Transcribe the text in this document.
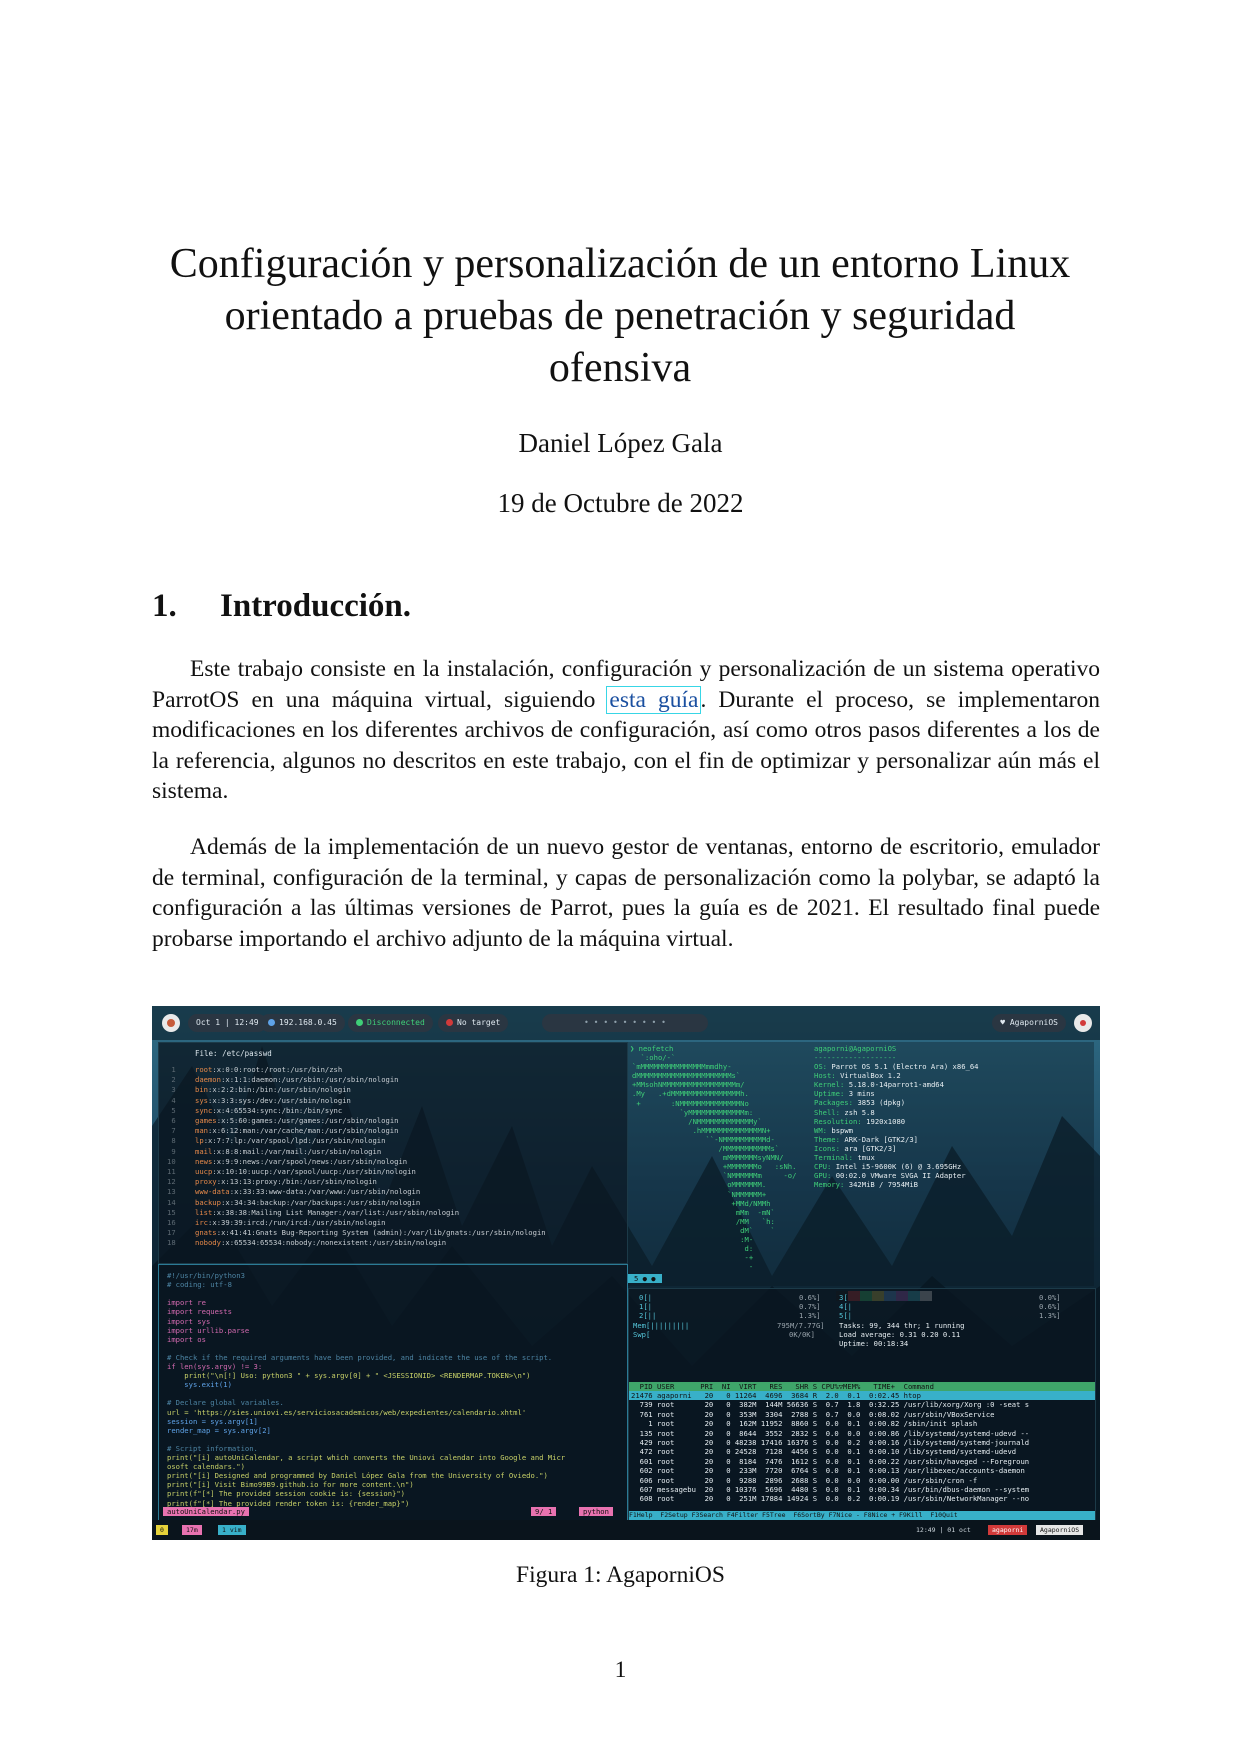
Configuración y personalización de un entorno Linux orientado a pruebas de penetración y seguridad ofensiva
Daniel López Gala
19 de Octubre de 2022
1. Introducción.

Este trabajo consiste en la instalación, configuración y personalización de un sistema operativo ParrotOS en una máquina virtual, siguiendo esta guía. Durante el proceso, se implementaron modificaciones en los diferentes archivos de configuración, así como otros pasos diferentes a los de la referencia, algunos no descritos en este trabajo, con el fin de optimizar y personalizar aún más el sistema.

Además de la implementación de un nuevo gestor de ventanas, entorno de escritorio, emulador de terminal, configuración de la terminal, y capas de personalización como la polybar, se adaptó la configuración a las últimas versiones de Parrot, pues la guía es de 2021. El resultado final puede probarse importando el archivo adjunto de la máquina virtual.

Oct 1 | 12:49	192.168.0.45	Disconnected	No target	• • • • • • • • •	♥ AgaporniOS
File: /etc/passwd
1	root :x:0:0:root:/root:/usr/bin/zsh
2	daemon :x:1:1:daemon:/usr/sbin:/usr/sbin/nologin
3	bin :x:2:2:bin:/bin:/usr/sbin/nologin
4	sys :x:3:3:sys:/dev:/usr/sbin/nologin
5	sync :x:4:65534:sync:/bin:/bin/sync
6	games :x:5:60:games:/usr/games:/usr/sbin/nologin
7	man :x:6:12:man:/var/cache/man:/usr/sbin/nologin
8	lp :x:7:7:lp:/var/spool/lpd:/usr/sbin/nologin
9	mail :x:8:8:mail:/var/mail:/usr/sbin/nologin
10	news :x:9:9:news:/var/spool/news:/usr/sbin/nologin
11	uucp :x:10:10:uucp:/var/spool/uucp:/usr/sbin/nologin
12	proxy :x:13:13:proxy:/bin:/usr/sbin/nologin
13	www-data :x:33:33:www-data:/var/www:/usr/sbin/nologin
14	backup :x:34:34:backup:/var/backups:/usr/sbin/nologin
15	list :x:38:38:Mailing List Manager:/var/list:/usr/sbin/nologin
16	irc :x:39:39:ircd:/run/ircd:/usr/sbin/nologin
17	gnats :x:41:41:Gnats Bug-Reporting System (admin):/var/lib/gnats:/usr/sbin/nologin
18	nobody :x:65534:65534:nobody:/nonexistent:/usr/sbin/nologin
#!/usr/bin/python3
# coding: utf-8
import re
import requests
import sys
import urllib.parse
import os
# Check if the required arguments have been provided, and indicate the use of the script.
if len(sys.argv) != 3:
print("\n[!] Uso: python3 " + sys.argv[0] + " <JSESSIONID> <RENDERMAP.TOKEN>\n")
sys.exit(1)
# Declare global variables.
url = 'https://sies.uniovi.es/serviciosacademicos/web/expedientes/calendario.xhtml'
session = sys.argv[1]
render_map = sys.argv[2]
# Script information.
print("[i] autoUniCalendar, a script which converts the Uniovi calendar into Google and Micr
osoft calendars.")
print("[i] Designed and programmed by Daniel López Gala from the University of Oviedo.")
print("[i] Visit Bimo99B9.github.io for more content.\n")
print(f"[*] The provided session cookie is: {session}")
print(f"[*] The provided render token is: {render_map}")
autoUniCalendar.py	9/ 1	python
❯ neofetch
`:oho/-`
`mMMMMMMMMMMMMMMMmmdhy-
dMMMMMMMMMMMMMMMMMMMMMMs`
+MMsohNMMMMMMMMMMMMMMMMMm/
.My   .+dMMMMMMMMMMMMMMMMh.
+       :NMMMMMMMMMMMMMMNo
`yMMMMMMMMMMMMMm:
/NMMMMMMMMMMMMMy`
.hMMMMMMMMMMMMMMN+
``-NMMMMMMMMMMd-
/MMMMMMMMMMMs`
mMMMMMMMsyNMN/
+MMMMMMMo   :sNh.
`NMMMMMMm     -o/
oMMMMMMM.
`NMMMMMM+
+MMd/NMMh
mMm  -mN`
/MM   `h:
dM`    `
:M-
d:
-+
-
agaporni@AgaporniOS
-------------------
OS: Parrot OS 5.1 (Electro Ara) x86_64
Host: VirtualBox 1.2
Kernel: 5.18.0-14parrot1-amd64
Uptime: 3 mins
Packages: 3853 (dpkg)
Shell: zsh 5.8
Resolution: 1920x1080
WM: bspwm
Theme: ARK-Dark [GTK2/3]
Icons: ara [GTK2/3]
Terminal: tmux
CPU: Intel i5-9600K (6) @ 3.695GHz
GPU: 00:02.0 VMware SVGA II Adapter
Memory: 342MiB / 7954MiB
5 ● ●
0[|	0.6%]	3[	0.0%]
1[|	0.7%]	4[|	0.6%]
2[||	1.3%]	5[|	1.3%]
Mem[|||||||||	795M/7.77G]
Swp[	0K/0K]
Tasks: 99, 344 thr; 1 running
Load average: 0.31 0.20 0.11
Uptime: 00:18:34
PID USER      PRI  NI  VIRT   RES   SHR S CPU%▽MEM%   TIME+  Command
21476 agaporni   20   0 11264  4696  3684 R  2.0  0.1  0:02.45 htop
739 root       20   0  382M  144M 56636 S  0.7  1.8  0:32.25 /usr/lib/xorg/Xorg :0 -seat s
761 root       20   0  353M  3304  2788 S  0.7  0.0  0:08.02 /usr/sbin/VBoxService
1 root       20   0  162M 11952  8860 S  0.0  0.1  0:00.82 /sbin/init splash
135 root       20   0  8644  3552  2832 S  0.0  0.0  0:00.86 /lib/systemd/systemd-udevd --
429 root       20   0 48238 17416 16376 S  0.0  0.2  0:00.16 /lib/systemd/systemd-journald
472 root       20   0 24528  7128  4456 S  0.0  0.1  0:00.10 /lib/systemd/systemd-udevd
601 root       20   0  8184  7476  1612 S  0.0  0.1  0:00.22 /usr/sbin/haveged --Foregroun
602 root       20   0  233M  7720  6764 S  0.0  0.1  0:00.13 /usr/libexec/accounts-daemon
606 root       20   0  9288  2896  2688 S  0.0  0.0  0:00.00 /usr/sbin/cron -f
607 messagebu  20   0 10376  5696  4480 S  0.0  0.1  0:00.34 /usr/bin/dbus-daemon --system
608 root       20   0  251M 17884 14924 S  0.0  0.2  0:00.19 /usr/sbin/NetworkManager --no
F1Help  F2Setup F3Search F4Filter F5Tree  F6SortBy F7Nice - F8Nice + F9Kill  F10Quit
0	17m	1 vim	12:49 | 01 oct	agaporni	AgaporniOS
Figura 1: AgaporniOS
1
